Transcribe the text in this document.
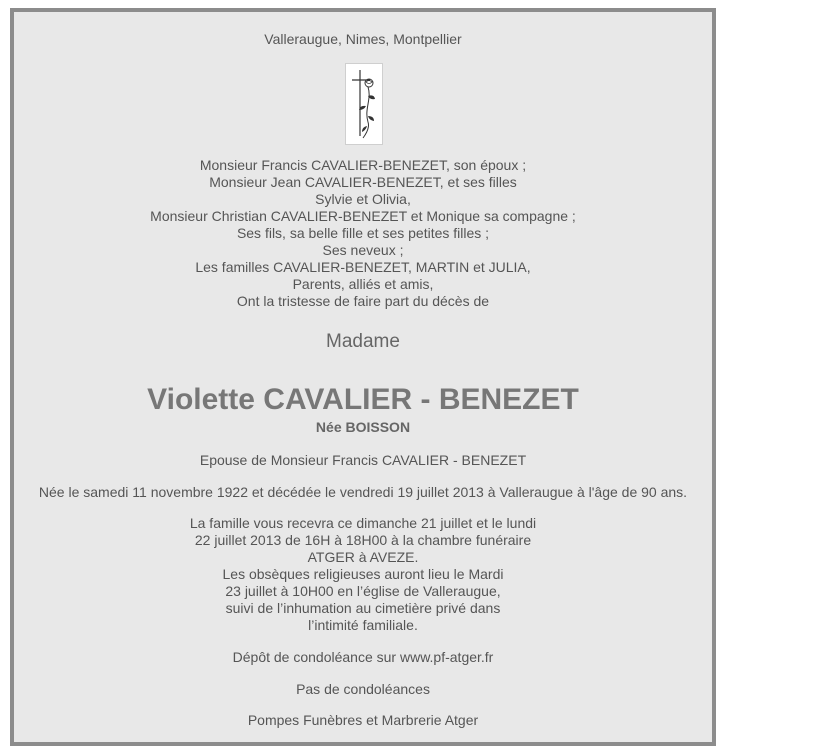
Valleraugue, Nimes, Montpellier

Monsieur Francis CAVALIER-BENEZET, son époux ;
Monsieur Jean CAVALIER-BENEZET, et ses filles
Sylvie et Olivia,
Monsieur Christian CAVALIER-BENEZET et Monique sa compagne ;
Ses fils, sa belle fille et ses petites filles ;
Ses neveux ;
Les familles CAVALIER-BENEZET, MARTIN et JULIA,
Parents, alliés et amis,
Ont la tristesse de faire part du décès de

Madame

Violette CAVALIER - BENEZET

Née BOISSON

Epouse de Monsieur Francis CAVALIER - BENEZET

Née le samedi 11 novembre 1922 et décédée le vendredi 19 juillet 2013 à Valleraugue à l'âge de 90 ans.

La famille vous recevra ce dimanche 21 juillet et le lundi
22 juillet 2013 de 16H à 18H00 à la chambre funéraire
ATGER à AVEZE.
Les obsèques religieuses auront lieu le Mardi
23 juillet à 10H00 en l’église de Valleraugue,
suivi de l’inhumation au cimetière privé dans
l’intimité familiale.

Dépôt de condoléance sur www.pf-atger.fr

Pas de condoléances

Pompes Funèbres et Marbrerie Atger
